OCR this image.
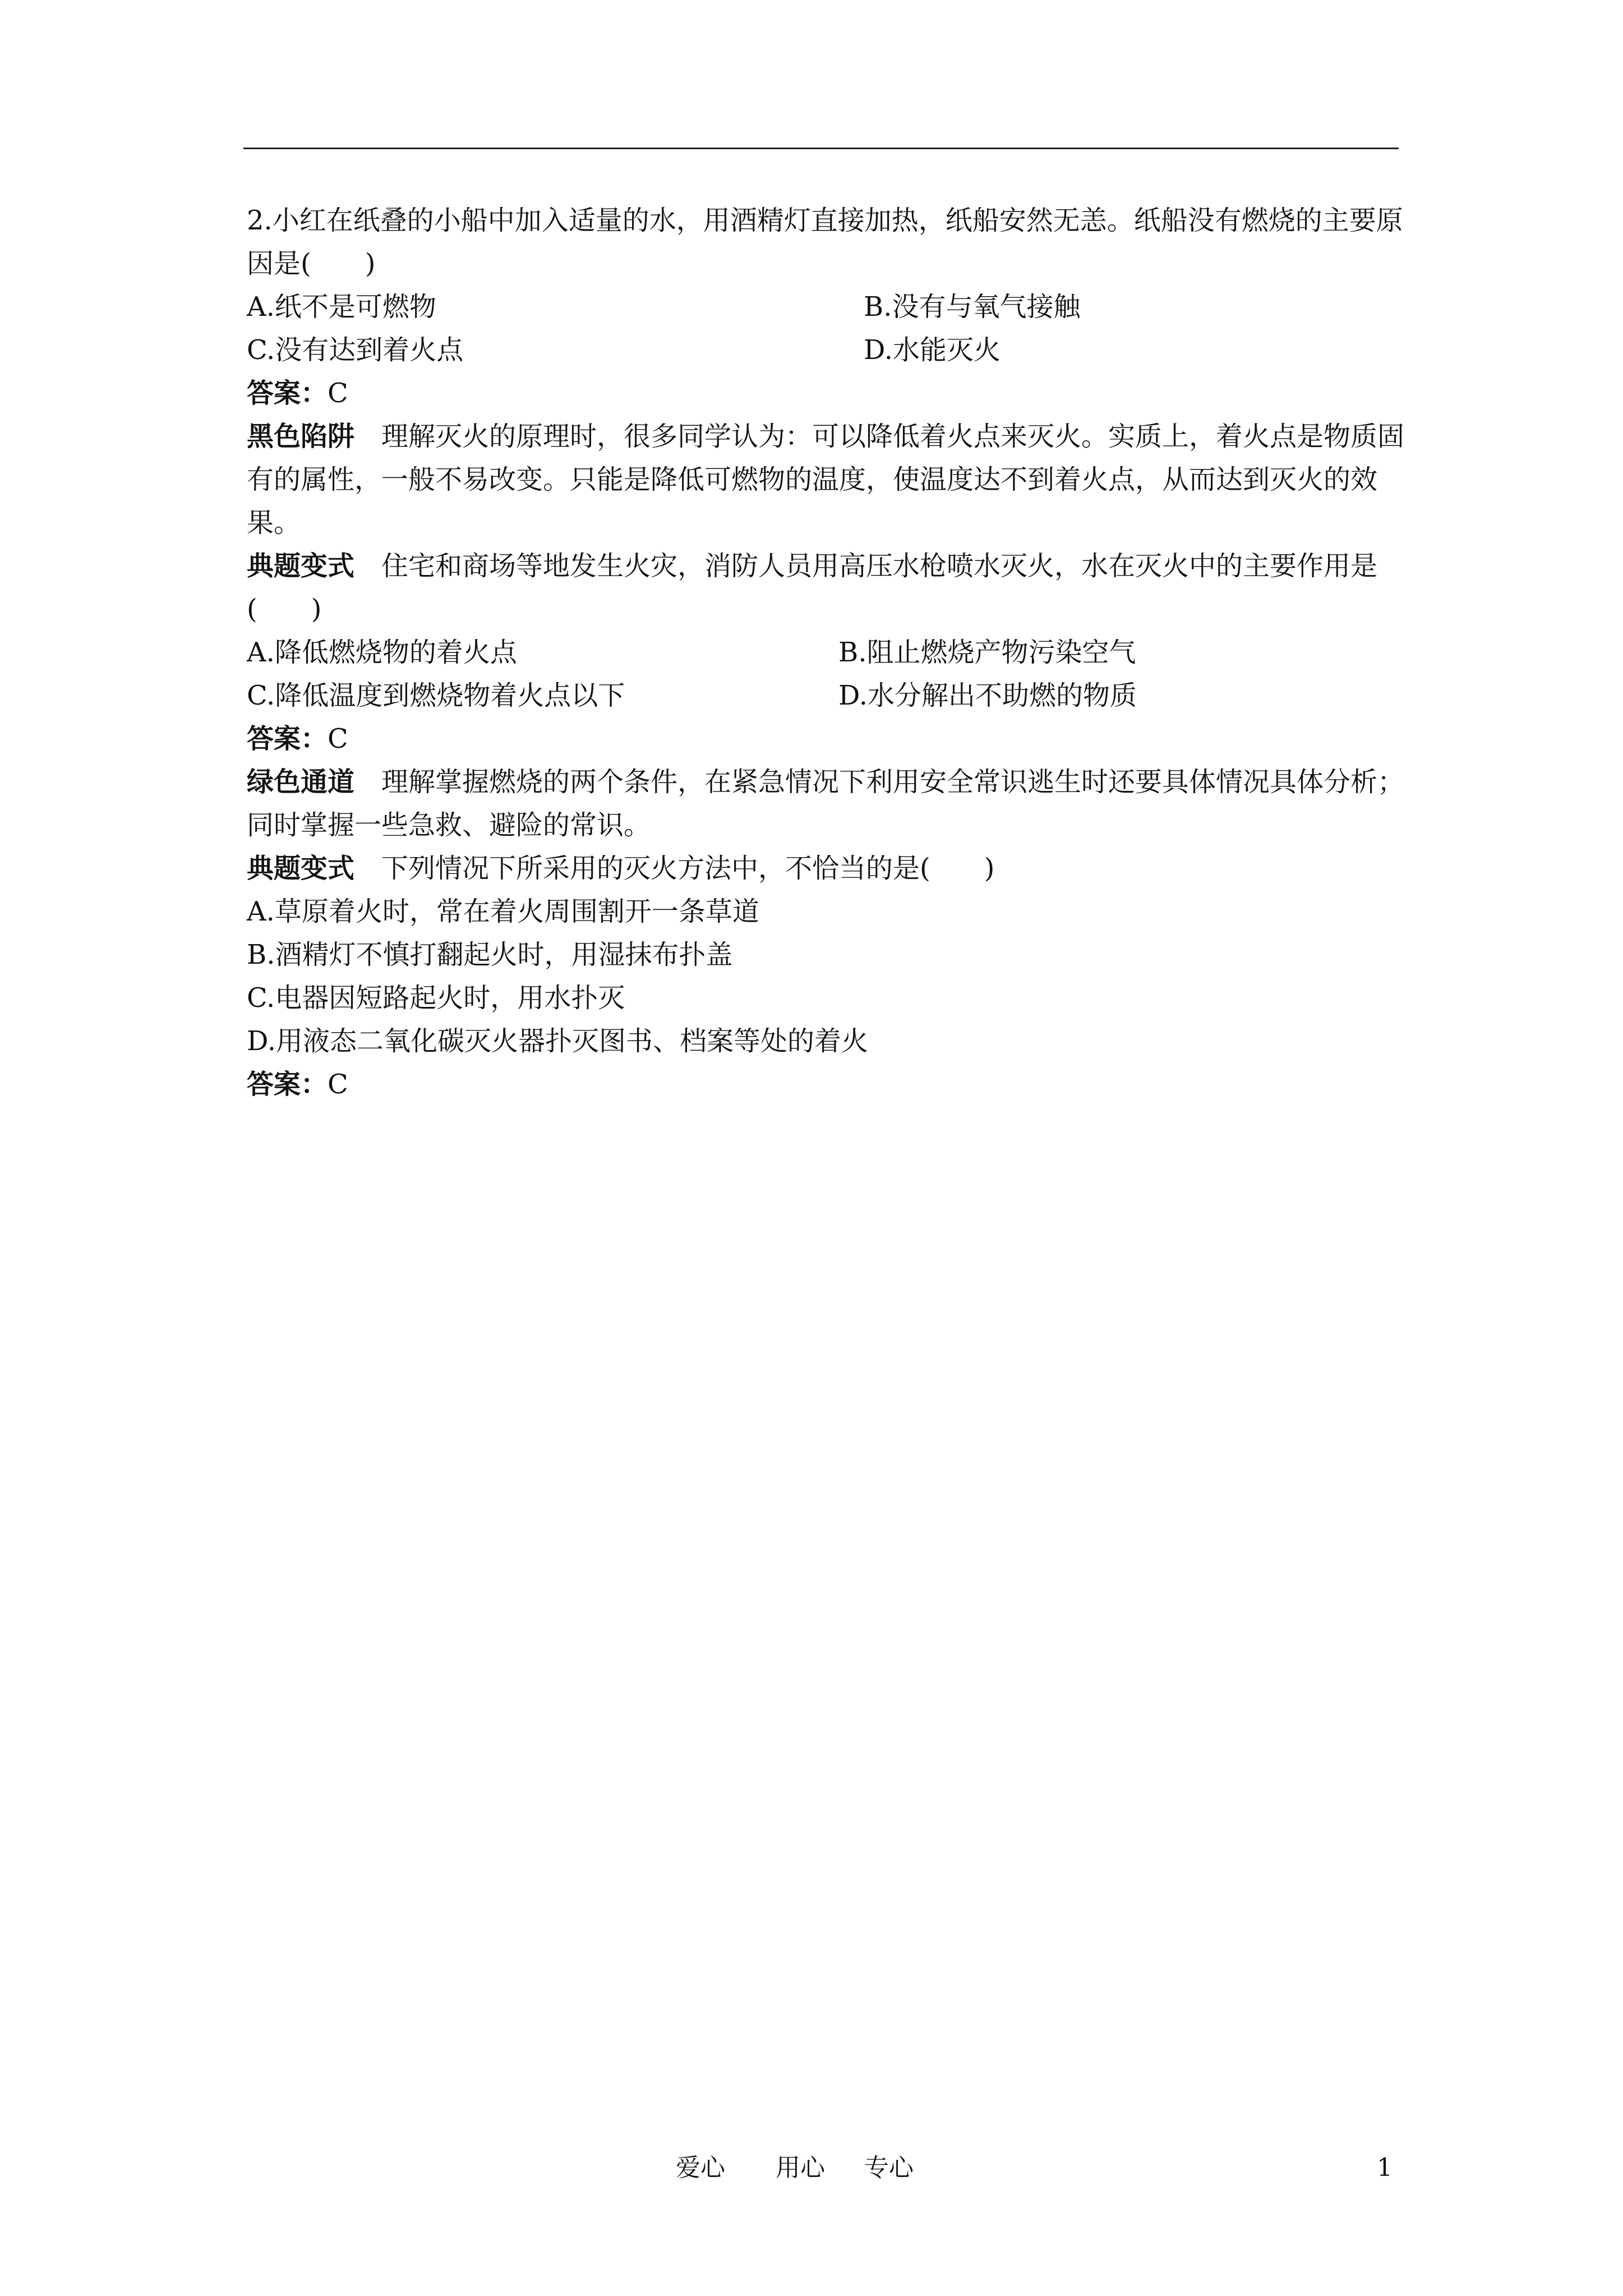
2.小红在纸叠的小船中加入适量的水，用酒精灯直接加热，纸船安然无恙。纸船没有燃烧的主要原因是(　　)

A.纸不是可燃物	B.没有与氧气接触
C.没有达到着火点	D.水能灭火

答案：C

黑色陷阱 理解灭火的原理时，很多同学认为：可以降低着火点来灭火。实质上，着火点是物质固有的属性，一般不易改变。只能是降低可燃物的温度，使温度达不到着火点，从而达到灭火的效果。

典题变式 住宅和商场等地发生火灾，消防人员用高压水枪喷水灭火，水在灭火中的主要作用是(　　)

A.降低燃烧物的着火点	B.阻止燃烧产物污染空气
C.降低温度到燃烧物着火点以下	D.水分解出不助燃的物质

答案：C

绿色通道 理解掌握燃烧的两个条件，在紧急情况下利用安全常识逃生时还要具体情况具体分析；同时掌握一些急救、避险的常识。

典题变式 下列情况下所采用的灭火方法中，不恰当的是(　　)

A.草原着火时，常在着火周围割开一条草道

B.酒精灯不慎打翻起火时，用湿抹布扑盖

C.电器因短路起火时，用水扑灭

D.用液态二氧化碳灭火器扑灭图书、档案等处的着火

答案：C

爱心 用心 专心	1
